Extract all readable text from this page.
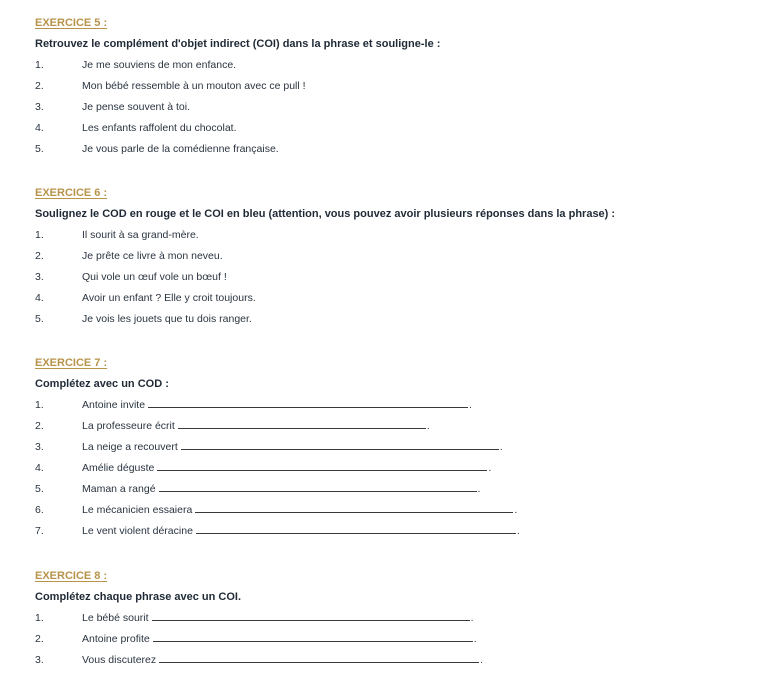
EXERCICE 5 :
Retrouvez le complément d'objet indirect (COI) dans la phrase et souligne-le :
1.	Je me souviens de mon enfance.
2.	Mon bébé ressemble à un mouton avec ce pull !
3.	Je pense souvent à toi.
4.	Les enfants raffolent du chocolat.
5.	Je vous parle de la comédienne française.
EXERCICE 6 :
Soulignez le COD en rouge et le COI en bleu (attention, vous pouvez avoir plusieurs réponses dans la phrase) :
1.	Il sourit à sa grand-mère.
2.	Je prête ce livre à mon neveu.
3.	Qui vole un œuf vole un bœuf !
4.	Avoir un enfant ? Elle y croit toujours.
5.	Je vois les jouets que tu dois ranger.
EXERCICE 7 :
Complétez avec un COD :
1.	Antoine invite	.
2.	La professeure écrit	.
3.	La neige a recouvert	.
4.	Amélie déguste	.
5.	Maman a rangé	.
6.	Le mécanicien essaiera	.
7.	Le vent violent déracine	.
EXERCICE 8 :
Complétez chaque phrase avec un COI.
1.	Le bébé sourit	.
2.	Antoine profite	.
3.	Vous discuterez	.
